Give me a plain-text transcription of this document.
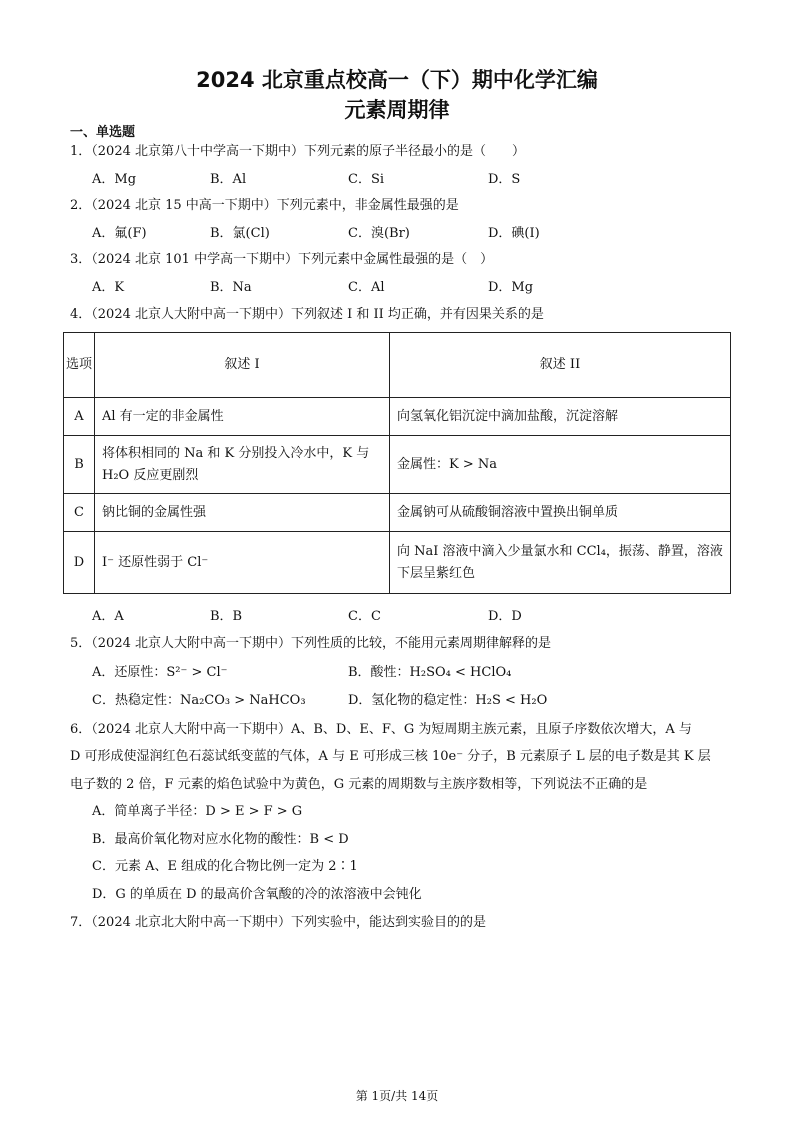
2024 北京重点校高一（下）期中化学汇编
元素周期律
一、单选题
1．（2024 北京第八十中学高一下期中）下列元素的原子半径最小的是（　　）
A．Mg	B．Al	C．Si	D．S
2．（2024 北京 15 中高一下期中）下列元素中，非金属性最强的是
A．氟(F)	B．氯(Cl)	C．溴(Br)	D．碘(I)
3．（2024 北京 101 中学高一下期中）下列元素中金属性最强的是（　）
A．K	B．Na	C．Al	D．Mg
4．（2024 北京人大附中高一下期中）下列叙述 I 和 II 均正确，并有因果关系的是
选项	叙述 I	叙述 II
A	Al 有一定的非金属性	向氢氧化铝沉淀中滴加盐酸，沉淀溶解
B	将体积相同的 Na 和 K 分别投入冷水中，K 与 H₂O 反应更剧烈	金属性：K > Na
C	钠比铜的金属性强	金属钠可从硫酸铜溶液中置换出铜单质
D	I⁻ 还原性弱于 Cl⁻	向 NaI 溶液中滴入少量氯水和 CCl₄，振荡、静置，溶液下层呈紫红色
A．A	B．B	C．C	D．D
5．（2024 北京人大附中高一下期中）下列性质的比较，不能用元素周期律解释的是
A．还原性：S²⁻ > Cl⁻	B．酸性：H₂SO₄ < HClO₄
C．热稳定性：Na₂CO₃ > NaHCO₃	D．氢化物的稳定性：H₂S < H₂O
6．（2024 北京人大附中高一下期中）A、B、D、E、F、G 为短周期主族元素，且原子序数依次增大，A 与
D 可形成使湿润红色石蕊试纸变蓝的气体，A 与 E 可形成三核 10e⁻ 分子，B 元素原子 L 层的电子数是其 K 层
电子数的 2 倍，F 元素的焰色试验中为黄色，G 元素的周期数与主族序数相等，下列说法不正确的是
A．简单离子半径：D > E > F > G
B．最高价氧化物对应水化物的酸性：B < D
C．元素 A、E 组成的化合物比例一定为 2∶1
D．G 的单质在 D 的最高价含氧酸的冷的浓溶液中会钝化
7．（2024 北京北大附中高一下期中）下列实验中，能达到实验目的的是
第 1页/共 14页
